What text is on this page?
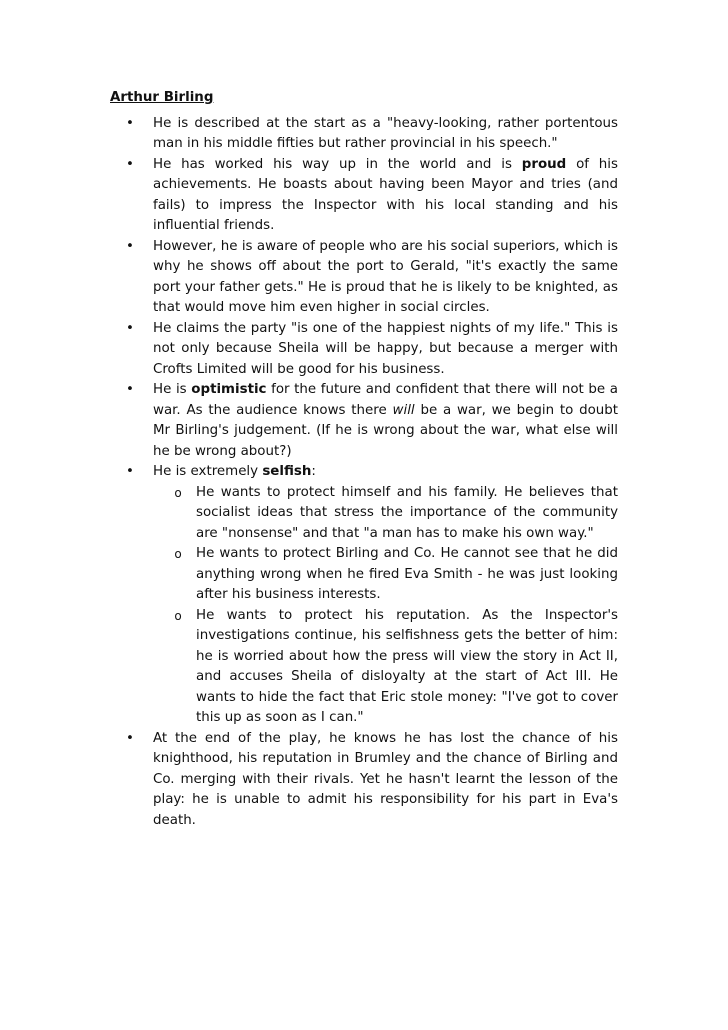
Arthur Birling
• He is described at the start as a "heavy-looking, rather portentous man in his middle fifties but rather provincial in his speech."
• He has worked his way up in the world and is proud of his achievements. He boasts about having been Mayor and tries (and fails) to impress the Inspector with his local standing and his influential friends.
• However, he is aware of people who are his social superiors, which is why he shows off about the port to Gerald, "it's exactly the same port your father gets." He is proud that he is likely to be knighted, as that would move him even higher in social circles.
• He claims the party "is one of the happiest nights of my life." This is not only because Sheila will be happy, but because a merger with Crofts Limited will be good for his business.
• He is optimistic for the future and confident that there will not be a war. As the audience knows there will be a war, we begin to doubt Mr Birling's judgement. (If he is wrong about the war, what else will he be wrong about?)
• He is extremely selfish:
o He wants to protect himself and his family. He believes that socialist ideas that stress the importance of the community are "nonsense" and that "a man has to make his own way."
o He wants to protect Birling and Co. He cannot see that he did anything wrong when he fired Eva Smith - he was just looking after his business interests.
o He wants to protect his reputation. As the Inspector's investigations continue, his selfishness gets the better of him: he is worried about how the press will view the story in Act II, and accuses Sheila of disloyalty at the start of Act III. He wants to hide the fact that Eric stole money: "I've got to cover this up as soon as I can."
• At the end of the play, he knows he has lost the chance of his knighthood, his reputation in Brumley and the chance of Birling and Co. merging with their rivals. Yet he hasn't learnt the lesson of the play: he is unable to admit his responsibility for his part in Eva's death.
